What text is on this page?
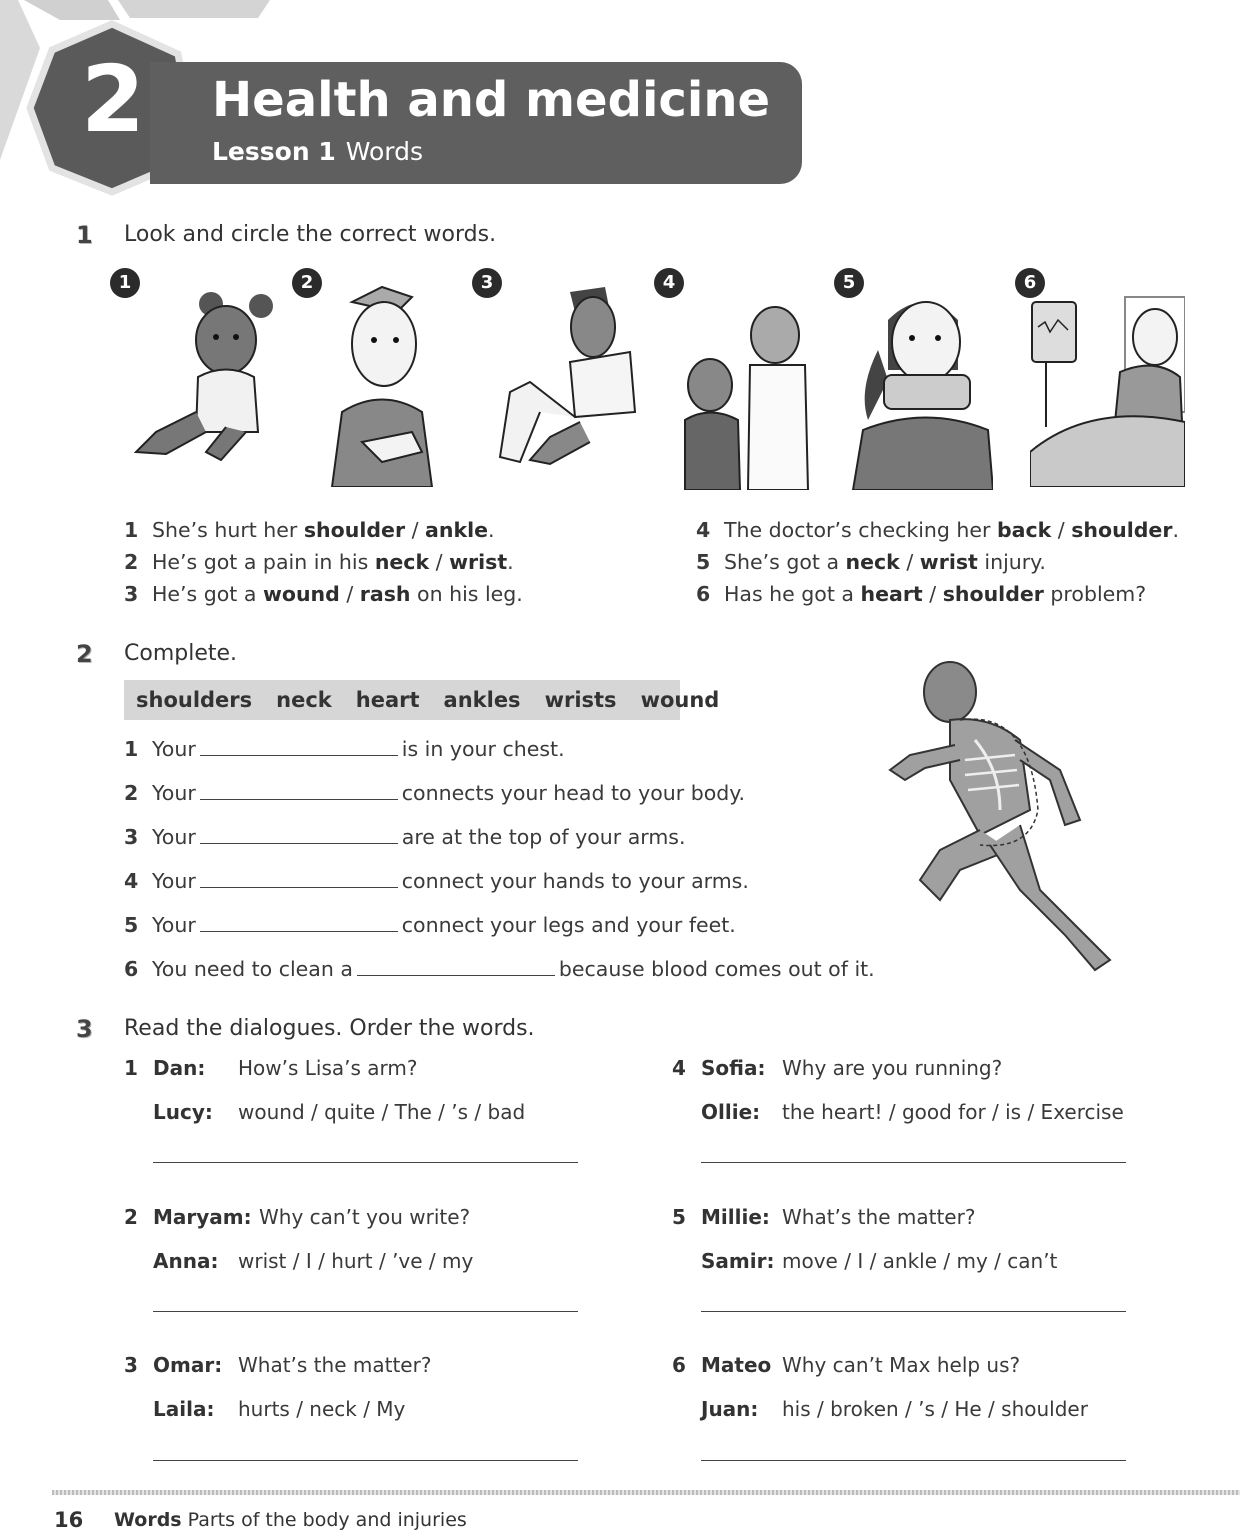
2	Health and medicine
Lesson 1 Words
1 Look and circle the correct words.
1	2	3	4	5	6
1 She’s hurt her shoulder / ankle.
2 He’s got a pain in his neck / wrist.
3 He’s got a wound / rash on his leg.
4 The doctor’s checking her back / shoulder.
5 She’s got a neck / wrist injury.
6 Has he got a heart / shoulder problem?
2 Complete.
shoulders neck heart ankles wrists wound
1 Your	is in your chest.
2 Your	connects your head to your body.
3 Your	are at the top of your arms.
4 Your	connect your hands to your arms.
5 Your	connect your legs and your feet.
6 You need to clean a	because blood comes out of it.
3 Read the dialogues. Order the words.
1 Dan: How’s Lisa’s arm?
Lucy: wound / quite / The / ’s / bad
2 Maryam: Why can’t you write?
Anna: wrist / I / hurt / ’ve / my
3 Omar: What’s the matter?
Laila: hurts / neck / My
4 Sofia: Why are you running?
Ollie: the heart! / good for / is / Exercise
5 Millie: What’s the matter?
Samir: move / I / ankle / my / can’t
6 Mateo Why can’t Max help us?
Juan: his / broken / ’s / He / shoulder
16 Words Parts of the body and injuries
